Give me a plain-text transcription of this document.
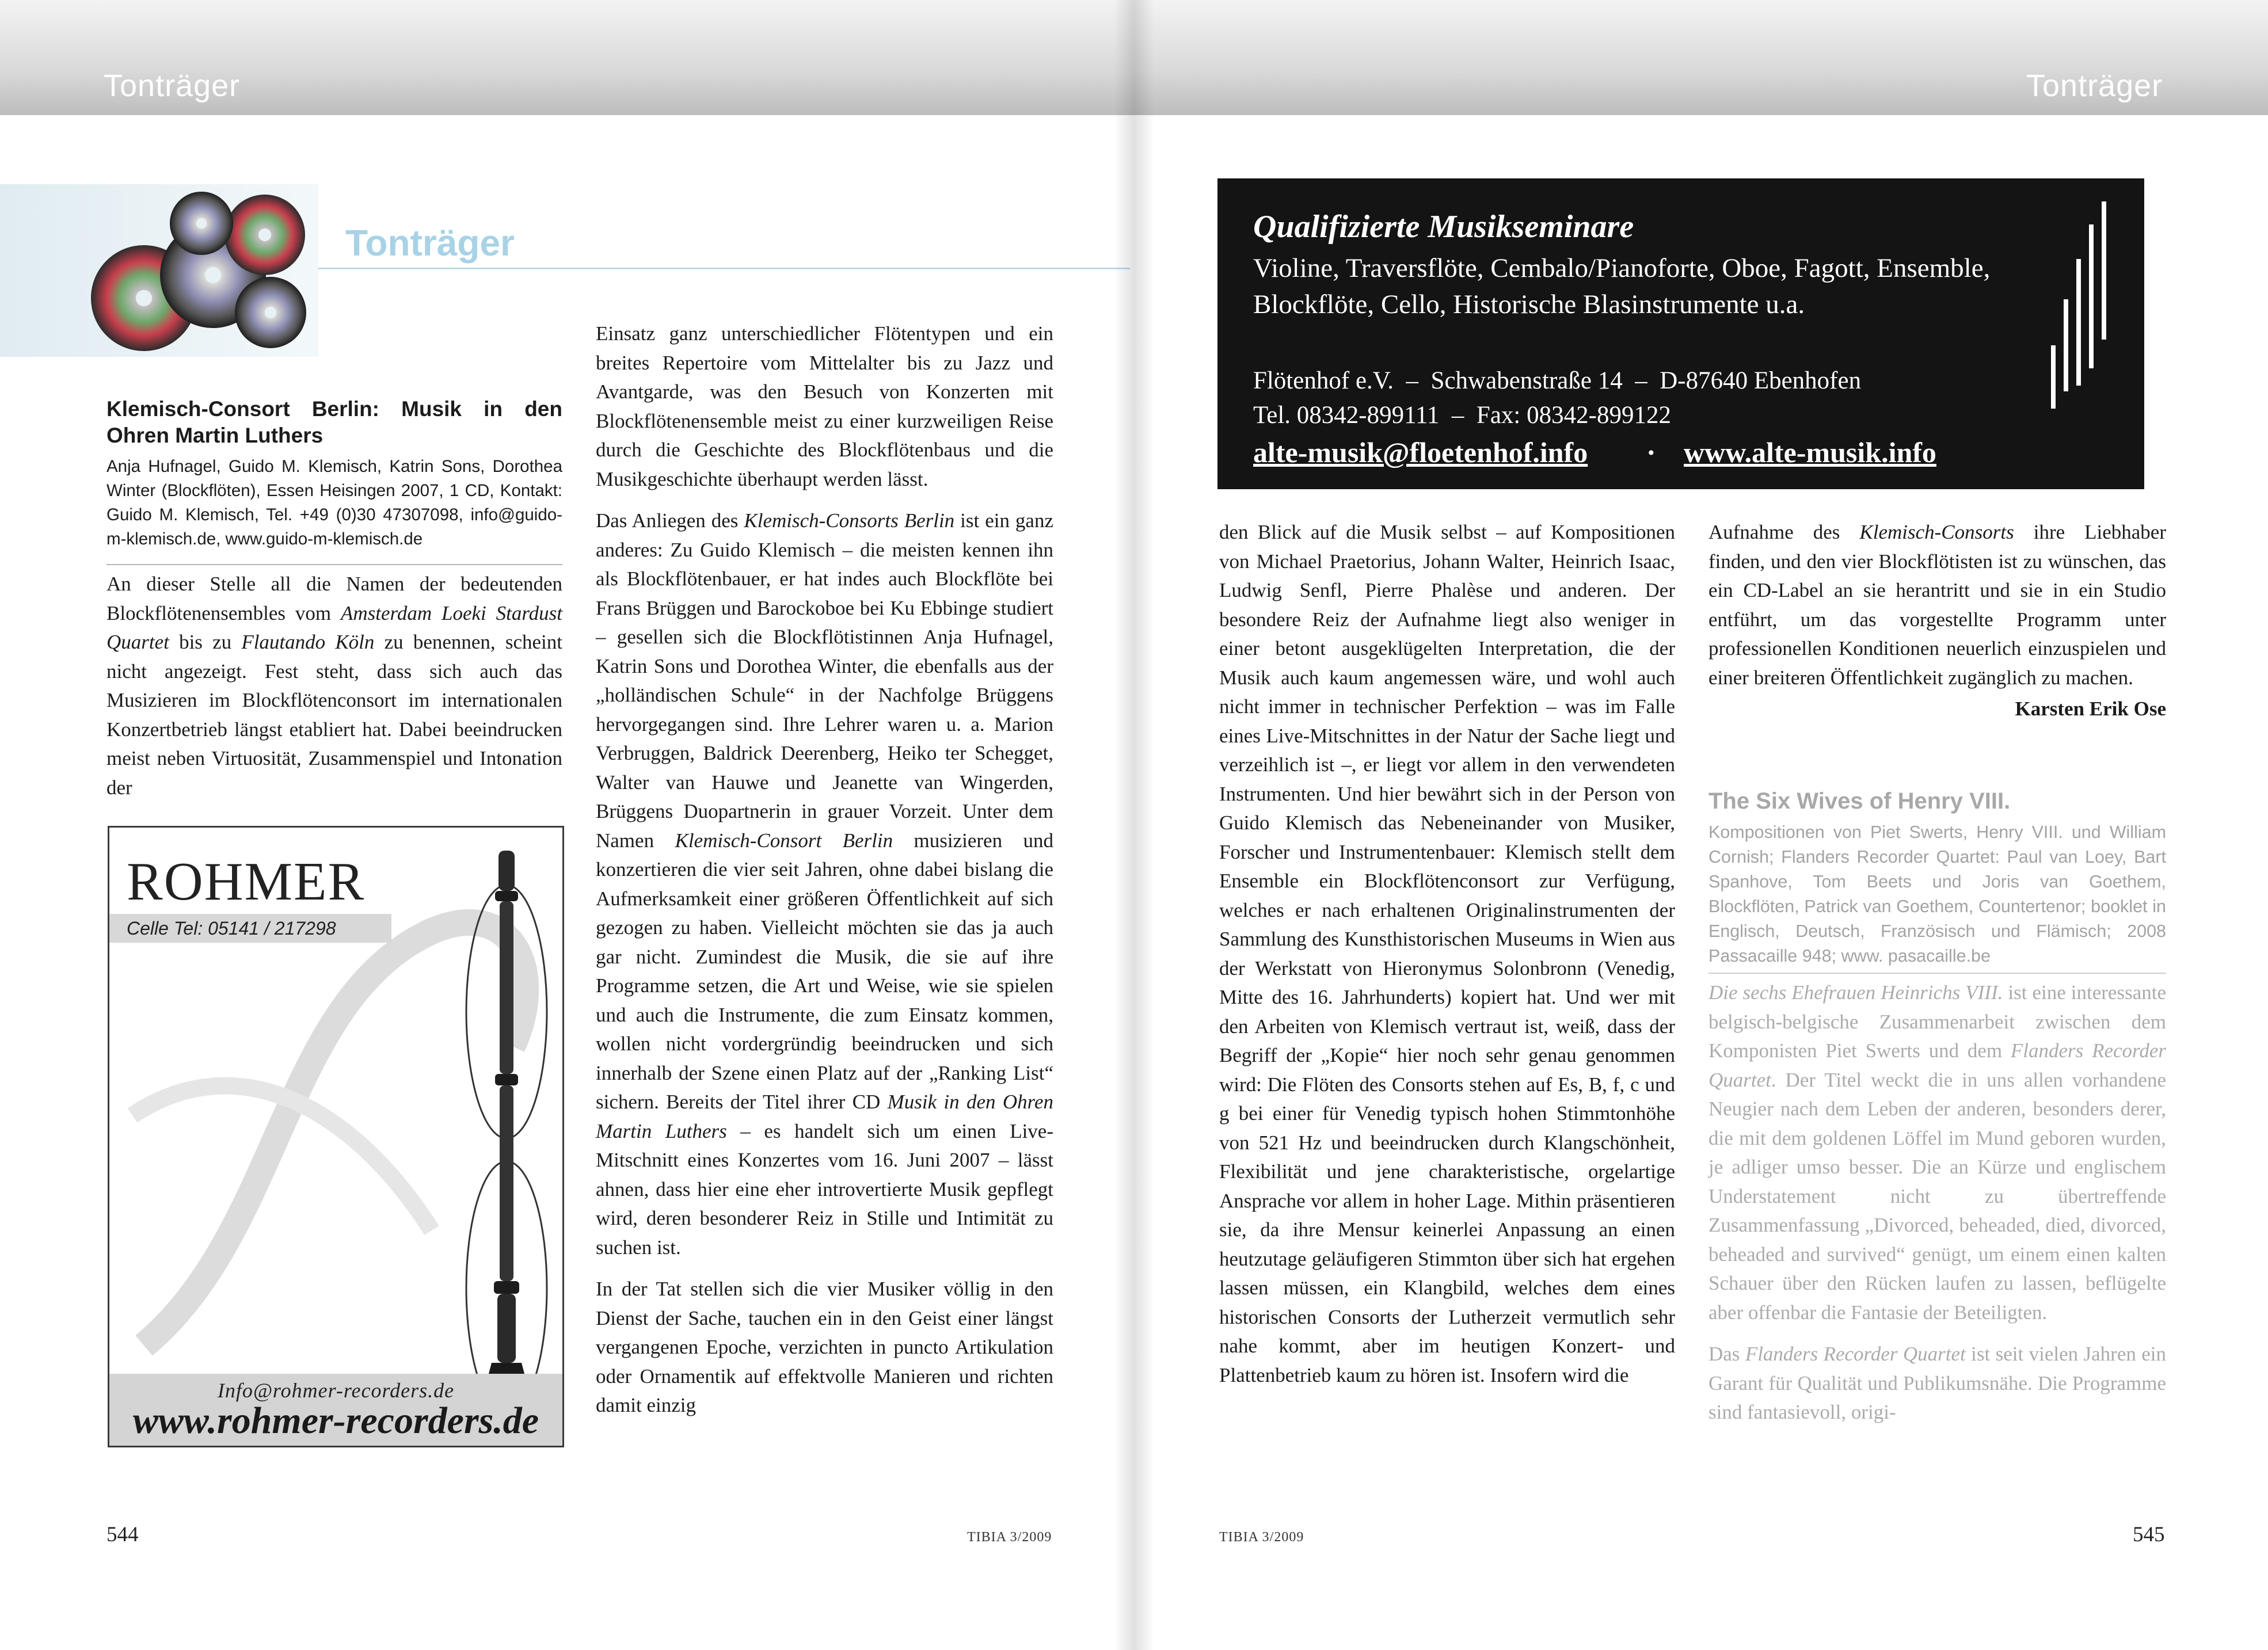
Tonträger
Tonträger
Klemisch-Consort Berlin: Musik in den Ohren Martin Luthers
Anja Hufnagel, Guido M. Klemisch, Katrin Sons, Dorothea Winter (Blockflöten), Essen Heisingen 2007, 1 CD, Kontakt: Guido M. Klemisch, Tel. +49 (0)30 47307098, info@guido-m-klemisch.de, www.guido-m-klemisch.de

An dieser Stelle all die Namen der bedeutenden Blockflötenensembles vom Amsterdam Loeki Stardust Quartet bis zu Flautando Köln zu benennen, scheint nicht angezeigt. Fest steht, dass sich auch das Musizieren im Blockflötenconsort im internationalen Konzertbetrieb längst etabliert hat. Dabei beeindrucken meist neben Virtuosität, Zusammenspiel und Intonation der

ROHMER
Celle Tel: 05141 / 217298
Info@rohmer-recorders.de
www.rohmer-recorders.de

Einsatz ganz unterschiedlicher Flötentypen und ein breites Repertoire vom Mittelalter bis zu Jazz und Avantgarde, was den Besuch von Konzerten mit Blockflötenensemble meist zu einer kurzweiligen Reise durch die Geschichte des Blockflötenbaus und die Musikgeschichte überhaupt werden lässt.

Das Anliegen des Klemisch-Consorts Berlin ist ein ganz anderes: Zu Guido Klemisch – die meisten kennen ihn als Blockflötenbauer, er hat indes auch Blockflöte bei Frans Brüggen und Barockoboe bei Ku Ebbinge studiert – gesellen sich die Blockflötistinnen Anja Hufnagel, Katrin Sons und Dorothea Winter, die ebenfalls aus der „holländischen Schule“ in der Nachfolge Brüggens hervorgegangen sind. Ihre Lehrer waren u. a. Marion Verbruggen, Baldrick Deerenberg, Heiko ter Schegget, Walter van Hauwe und Jeanette van Wingerden, Brüggens Duopartnerin in grauer Vorzeit. Unter dem Namen Klemisch-Consort Berlin musizieren und konzertieren die vier seit Jahren, ohne dabei bislang die Aufmerksamkeit einer größeren Öffentlichkeit auf sich gezogen zu haben. Vielleicht möchten sie das ja auch gar nicht. Zumindest die Musik, die sie auf ihre Programme setzen, die Art und Weise, wie sie spielen und auch die Instrumente, die zum Einsatz kommen, wollen nicht vordergründig beeindrucken und sich innerhalb der Szene einen Platz auf der „Ranking List“ sichern. Bereits der Titel ihrer CD Musik in den Ohren Martin Luthers – es handelt sich um einen Live-Mitschnitt eines Konzertes vom 16. Juni 2007 – lässt ahnen, dass hier eine eher introvertierte Musik gepflegt wird, deren besonderer Reiz in Stille und Intimität zu suchen ist.

In der Tat stellen sich die vier Musiker völlig in den Dienst der Sache, tauchen ein in den Geist einer längst vergangenen Epoche, verzichten in puncto Artikulation oder Ornamentik auf effektvolle Manieren und richten damit einzig

544	TIBIA 3/2009
Tonträger
Qualifizierte Musikseminare
Violine, Traversflöte, Cembalo/Pianoforte, Oboe, Fagott, Ensemble, Blockflöte, Cello, Historische Blasinstrumente u.a.
Flötenhof e.V.  –  Schwabenstraße 14  –  D-87640 Ebenhofen
Tel. 08342-899111  –  Fax: 08342-899122
alte-musik@floetenhof.info · www.alte-musik.info

den Blick auf die Musik selbst – auf Kompositionen von Michael Praetorius, Johann Walter, Heinrich Isaac, Ludwig Senfl, Pierre Phalèse und anderen. Der besondere Reiz der Aufnahme liegt also weniger in einer betont ausgeklügelten Interpretation, die der Musik auch kaum angemessen wäre, und wohl auch nicht immer in technischer Perfektion – was im Falle eines Live-Mitschnittes in der Natur der Sache liegt und verzeihlich ist –, er liegt vor allem in den verwendeten Instrumenten. Und hier bewährt sich in der Person von Guido Klemisch das Nebeneinander von Musiker, Forscher und Instrumentenbauer: Klemisch stellt dem Ensemble ein Blockflötenconsort zur Verfügung, welches er nach erhaltenen Originalinstrumenten der Sammlung des Kunsthistorischen Museums in Wien aus der Werkstatt von Hieronymus Solonbronn (Venedig, Mitte des 16. Jahrhunderts) kopiert hat. Und wer mit den Arbeiten von Klemisch vertraut ist, weiß, dass der Begriff der „Kopie“ hier noch sehr genau genommen wird: Die Flöten des Consorts stehen auf Es, B, f, c und g bei einer für Venedig typisch hohen Stimmtonhöhe von 521 Hz und beeindrucken durch Klangschönheit, Flexibilität und jene charakteristische, orgelartige Ansprache vor allem in hoher Lage. Mithin präsentieren sie, da ihre Mensur keinerlei Anpassung an einen heutzutage geläufigeren Stimmton über sich hat ergehen lassen müssen, ein Klangbild, welches dem eines historischen Consorts der Lutherzeit vermutlich sehr nahe kommt, aber im heutigen Konzert- und Plattenbetrieb kaum zu hören ist. Insofern wird die

Aufnahme des Klemisch-Consorts ihre Liebhaber finden, und den vier Blockflötisten ist zu wünschen, das ein CD-Label an sie herantritt und sie in ein Studio entführt, um das vorgestellte Programm unter professionellen Konditionen neuerlich einzuspielen und einer breiteren Öffentlichkeit zugänglich zu machen.

Karsten Erik Ose
The Six Wives of Henry VIII.
Kompositionen von Piet Swerts, Henry VIII. und William Cornish; Flanders Recorder Quartet: Paul van Loey, Bart Spanhove, Tom Beets und Joris van Goethem, Blockflöten, Patrick van Goethem, Countertenor; booklet in Englisch, Deutsch, Französisch und Flämisch; 2008 Passacaille 948; www. pasacaille.be

Die sechs Ehefrauen Heinrichs VIII. ist eine interessante belgisch-belgische Zusammenarbeit zwischen dem Komponisten Piet Swerts und dem Flanders Recorder Quartet. Der Titel weckt die in uns allen vorhandene Neugier nach dem Leben der anderen, besonders derer, die mit dem goldenen Löffel im Mund geboren wurden, je adliger umso besser. Die an Kürze und englischem Understatement nicht zu übertreffende Zusammenfassung „Divorced, beheaded, died, divorced, beheaded and survived“ genügt, um einem einen kalten Schauer über den Rücken laufen zu lassen, beflügelte aber offenbar die Fantasie der Beteiligten.

Das Flanders Recorder Quartet ist seit vielen Jahren ein Garant für Qualität und Publikumsnähe. Die Programme sind fantasievoll, origi-

TIBIA 3/2009	545
